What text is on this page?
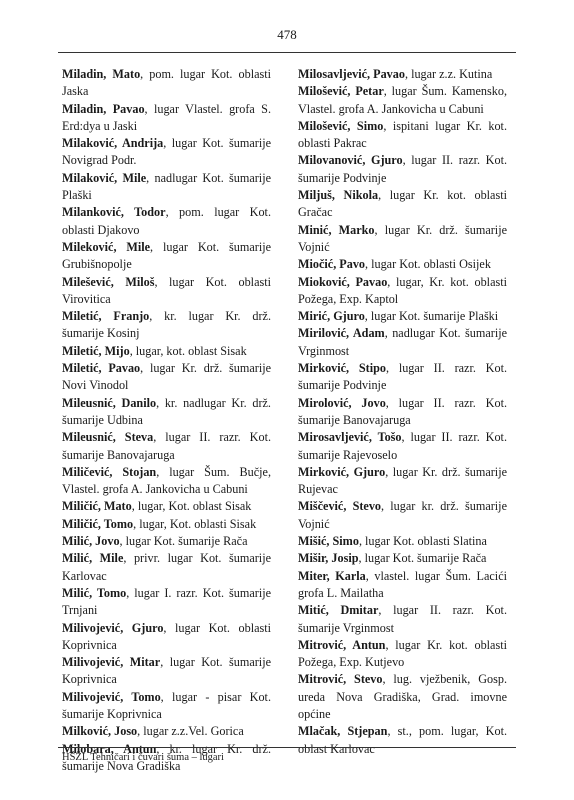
478

Miladin, Mato, pom. lugar Kot. oblasti Jaska

Miladin, Pavao, lugar Vlastel. grofa S. Erd:dya u Jaski

Milaković, Andrija, lugar Kot. šumarije Novigrad Podr.

Milaković, Mile, nadlugar Kot. šumarije Plaški

Milanković, Todor, pom. lugar Kot. oblasti Djakovo

Mileković, Mile, lugar Kot. šumarije Grubišnopolje

Milešević, Miloš, lugar Kot. oblasti Virovitica

Miletić, Franjo, kr. lugar Kr. drž. šumarije Kosinj

Miletić, Mijo, lugar, kot. oblast Sisak

Miletić, Pavao, lugar Kr. drž. šumarije Novi Vinodol

Mileusnić, Danilo, kr. nadlugar Kr. drž. šumarije Udbina

Mileusnić, Steva, lugar II. razr. Kot. šumarije Banovajaruga

Miličević, Stojan, lugar Šum. Bučje, Vlastel. grofa A. Jankovicha u Cabuni

Miličić, Mato, lugar, Kot. oblast Sisak

Miličić, Tomo, lugar, Kot. oblasti Sisak

Milić, Jovo, lugar Kot. šumarije Rača

Milić, Mile, privr. lugar Kot. šumarije Karlovac

Milić, Tomo, lugar I. razr. Kot. šumarije Trnjani

Milivojević, Gjuro, lugar Kot. oblasti Koprivnica

Milivojević, Mitar, lugar Kot. šumarije Koprivnica

Milivojević, Tomo, lugar - pisar Kot. šumarije Koprivnica

Milković, Joso, lugar z.z.Vel. Gorica

Milobara, Antun, kr. lugar Kr. drž. šumarije Nova Gradiška

Milosavljević, Pavao, lugar z.z. Kutina

Milošević, Petar, lugar Šum. Kamensko, Vlastel. grofa A. Jankovicha u Cabuni

Milošević, Simo, ispitani lugar Kr. kot. oblasti Pakrac

Milovanović, Gjuro, lugar II. razr. Kot. šumarije Podvinje

Miljuš, Nikola, lugar Kr. kot. oblasti Gračac

Minić, Marko, lugar Kr. drž. šumarije Vojnić

Miočić, Pavo, lugar Kot. oblasti Osijek

Mioković, Pavao, lugar, Kr. kot. oblasti Požega, Exp. Kaptol

Mirić, Gjuro, lugar Kot. šumarije Plaški

Mirilović, Adam, nadlugar Kot. šumarije Vrginmost

Mirković, Stipo, lugar II. razr. Kot. šumarije Podvinje

Mirolović, Jovo, lugar II. razr. Kot. šumarije Banovajaruga

Mirosavljević, Tošo, lugar II. razr. Kot. šumarije Rajevoselo

Mirković, Gjuro, lugar Kr. drž. šumarije Rujevac

Miščević, Stevo, lugar kr. drž. šumarije Vojnić

Mišić, Simo, lugar Kot. oblasti Slatina

Mišir, Josip, lugar Kot. šumarije Rača

Miter, Karla, vlastel. lugar Šum. Lacići grofa L. Mailatha

Mitić, Dmitar, lugar II. razr. Kot. šumarije Vrginmost

Mitrović, Antun, lugar Kr. kot. oblasti Požega, Exp. Kutjevo

Mitrović, Stevo, lug. vježbenik, Gosp. ureda Nova Gradiška, Grad. imovne općine

Mlačak, Stjepan, st., pom. lugar, Kot. oblast Karlovac

HŠŽL Tehničari i čuvari šuma – lugari
